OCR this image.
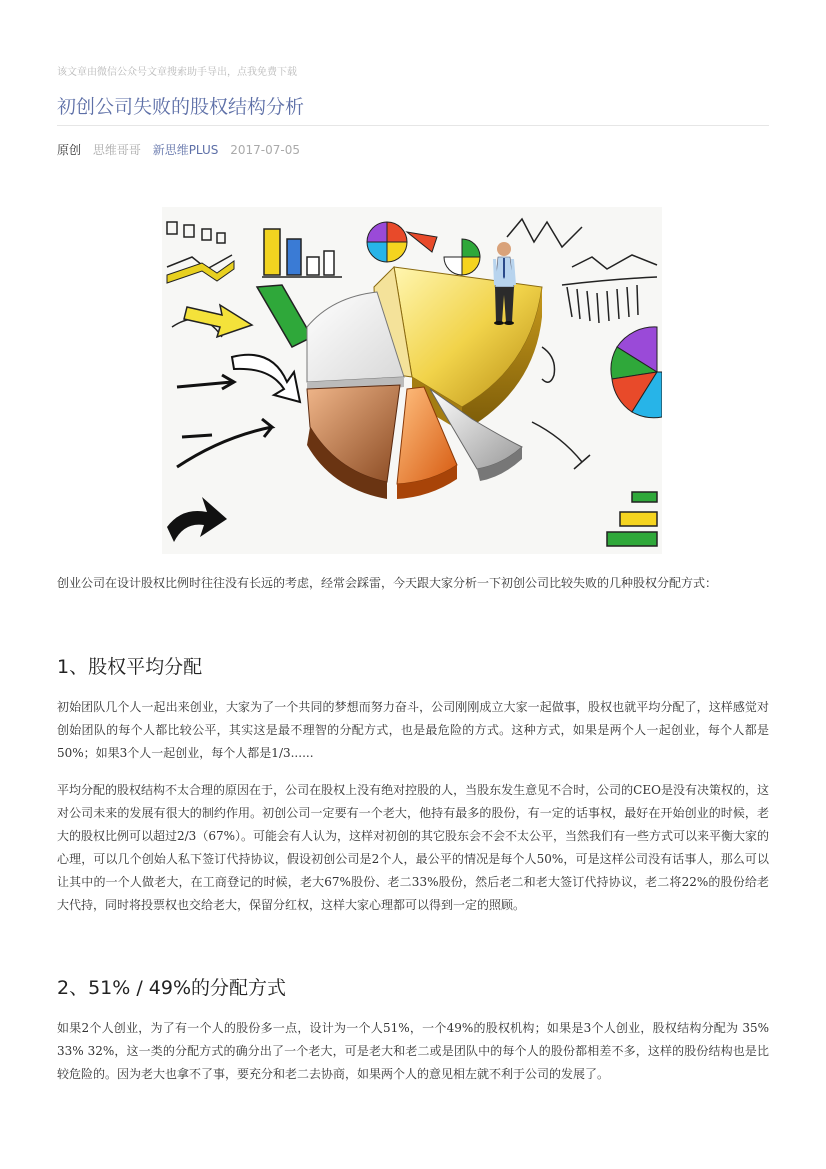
该文章由微信公众号文章搜索助手导出，点我免费下载
初创公司失败的股权结构分析
原创 思维哥哥 新思维PLUS 2017-07-05

创业公司在设计股权比例时往往没有长远的考虑，经常会踩雷，今天跟大家分析一下初创公司比较失败的几种股权分配方式：

1、股权平均分配

初始团队几个人一起出来创业，大家为了一个共同的梦想而努力奋斗，公司刚刚成立大家一起做事，股权也就平均分配了，这样感觉对创始团队的每个人都比较公平，其实这是最不理智的分配方式，也是最危险的方式。这种方式，如果是两个人一起创业，每个人都是50%；如果3个人一起创业，每个人都是1/3......

平均分配的股权结构不太合理的原因在于，公司在股权上没有绝对控股的人，当股东发生意见不合时，公司的CEO是没有决策权的，这对公司未来的发展有很大的制约作用。初创公司一定要有一个老大，他持有最多的股份，有一定的话事权，最好在开始创业的时候，老大的股权比例可以超过2/3（67%）。可能会有人认为，这样对初创的其它股东会不会不太公平，当然我们有一些方式可以来平衡大家的心理，可以几个创始人私下签订代持协议，假设初创公司是2个人，最公平的情况是每个人50%，可是这样公司没有话事人，那么可以让其中的一个人做老大，在工商登记的时候，老大67%股份、老二33%股份，然后老二和老大签订代持协议，老二将22%的股份给老大代持，同时将投票权也交给老大，保留分红权，这样大家心理都可以得到一定的照顾。

2、51% / 49%的分配方式

如果2个人创业，为了有一个人的股份多一点，设计为一个人51%，一个49%的股权机构；如果是3个人创业，股权结构分配为 35% 33% 32%，这一类的分配方式的确分出了一个老大，可是老大和老二或是团队中的每个人的股份都相差不多，这样的股份结构也是比较危险的。因为老大也拿不了事，要充分和老二去协商，如果两个人的意见相左就不利于公司的发展了。
